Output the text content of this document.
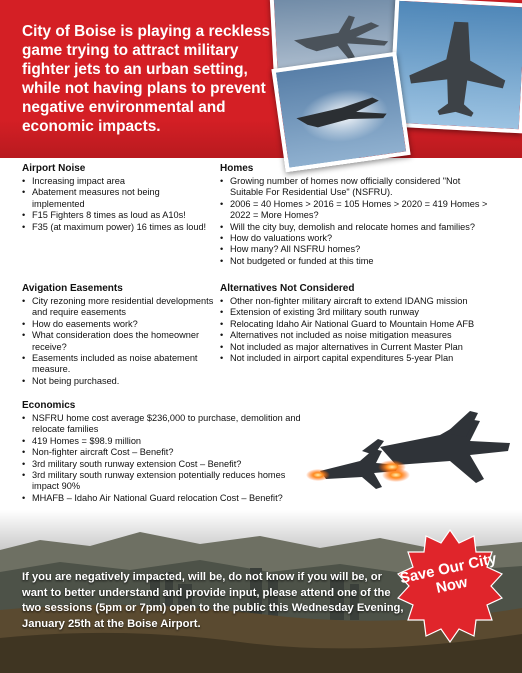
City of Boise is playing a reckless game trying to attract military fighter jets to an urban setting, while not having plans to prevent negative environmental and economic impacts.

Airport Noise
• Increasing impact area
• Abatement measures not being implemented
• F15 Fighters 8 times as loud as A10s!
• F35 (at maximum power) 16 times as loud!
Homes
• Growing number of homes now officially considered "Not Suitable For Residential Use" (NSFRU).
• 2006 = 40 Homes > 2016 = 105 Homes > 2020 = 419 Homes > 2022 = More Homes?
• Will the city buy, demolish and relocate homes and families?
• How do valuations work?
• How many? All NSFRU homes?
• Not budgeted or funded at this time
Avigation Easements
• City rezoning more residential developments and require easements
• How do easements work?
• What consideration does the homeowner receive?
• Easements included as noise abatement measure.
• Not being purchased.
Alternatives Not Considered
• Other non-fighter military aircraft to extend IDANG mission
• Extension of existing 3rd military south runway
• Relocating Idaho Air National Guard to Mountain Home AFB
• Alternatives not included as noise mitigation measures
• Not included as major alternatives in Current Master Plan
• Not included in airport capital expenditures 5-year Plan
Economics
• NSFRU home cost average $236,000 to purchase, demolition and relocate families
• 419 Homes = $98.9 million
• Non-fighter aircraft Cost – Benefit?
• 3rd military south runway extension Cost – Benefit?
• 3rd military south runway extension potentially reduces homes impact 90%
• MHAFB – Idaho Air National Guard relocation Cost – Benefit?

If you are negatively impacted, will be, do not know if you will be, or want to better understand and provide input, please attend one of the two sessions (5pm or 7pm) open to the public this Wednesday Evening, January 25th at the Boise Airport.

Save Our City Now
